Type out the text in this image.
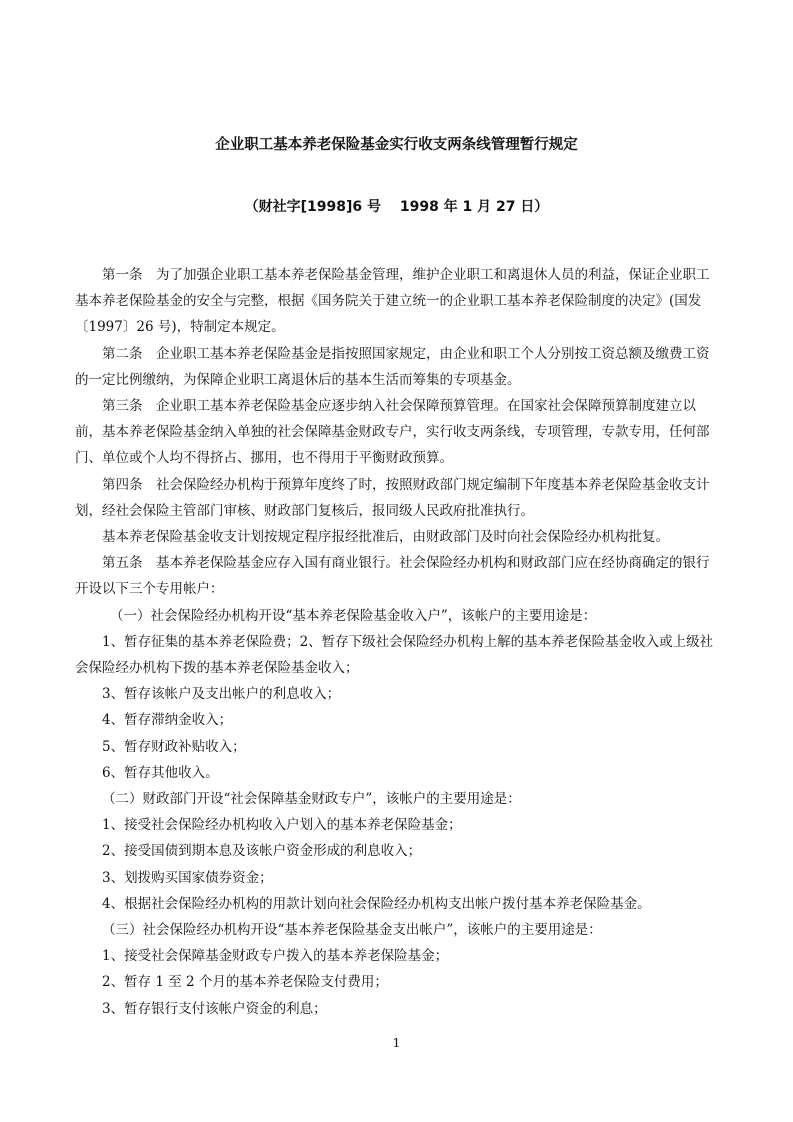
企业职工基本养老保险基金实行收支两条线管理暂行规定
（财社字[1998]6 号　 1998 年 1 月 27 日）

第一条　为了加强企业职工基本养老保险基金管理，维护企业职工和离退休人员的利益，保证企业职工基本养老保险基金的安全与完整，根据《国务院关于建立统一的企业职工基本养老保险制度的决定》(国发〔1997〕26 号)，特制定本规定。

第二条　企业职工基本养老保险基金是指按照国家规定，由企业和职工个人分别按工资总额及缴费工资的一定比例缴纳，为保障企业职工离退休后的基本生活而筹集的专项基金。

第三条　企业职工基本养老保险基金应逐步纳入社会保障预算管理。在国家社会保障预算制度建立以前，基本养老保险基金纳入单独的社会保障基金财政专户，实行收支两条线，专项管理，专款专用，任何部门、单位或个人均不得挤占、挪用，也不得用于平衡财政预算。

第四条　社会保险经办机构于预算年度终了时，按照财政部门规定编制下年度基本养老保险基金收支计划，经社会保险主管部门审核、财政部门复核后，报同级人民政府批准执行。

基本养老保险基金收支计划按规定程序报经批准后，由财政部门及时向社会保险经办机构批复。

第五条　基本养老保险基金应存入国有商业银行。社会保险经办机构和财政部门应在经协商确定的银行开设以下三个专用帐户：

（一）社会保险经办机构开设“基本养老保险基金收入户”，该帐户的主要用途是：

1、暂存征集的基本养老保险费；2、暂存下级社会保险经办机构上解的基本养老保险基金收入或上级社会保险经办机构下拨的基本养老保险基金收入；

3、暂存该帐户及支出帐户的利息收入；

4、暂存滞纳金收入；

5、暂存财政补贴收入；

6、暂存其他收入。

（二）财政部门开设“社会保障基金财政专户”，该帐户的主要用途是：

1、接受社会保险经办机构收入户划入的基本养老保险基金；

2、接受国债到期本息及该帐户资金形成的利息收入；

3、划拨购买国家债券资金；

4、根据社会保险经办机构的用款计划向社会保险经办机构支出帐户拨付基本养老保险基金。

（三）社会保险经办机构开设“基本养老保险基金支出帐户”，该帐户的主要用途是：

1、接受社会保障基金财政专户拨入的基本养老保险基金；

2、暂存 1 至 2 个月的基本养老保险支付费用；

3、暂存银行支付该帐户资金的利息；

1
